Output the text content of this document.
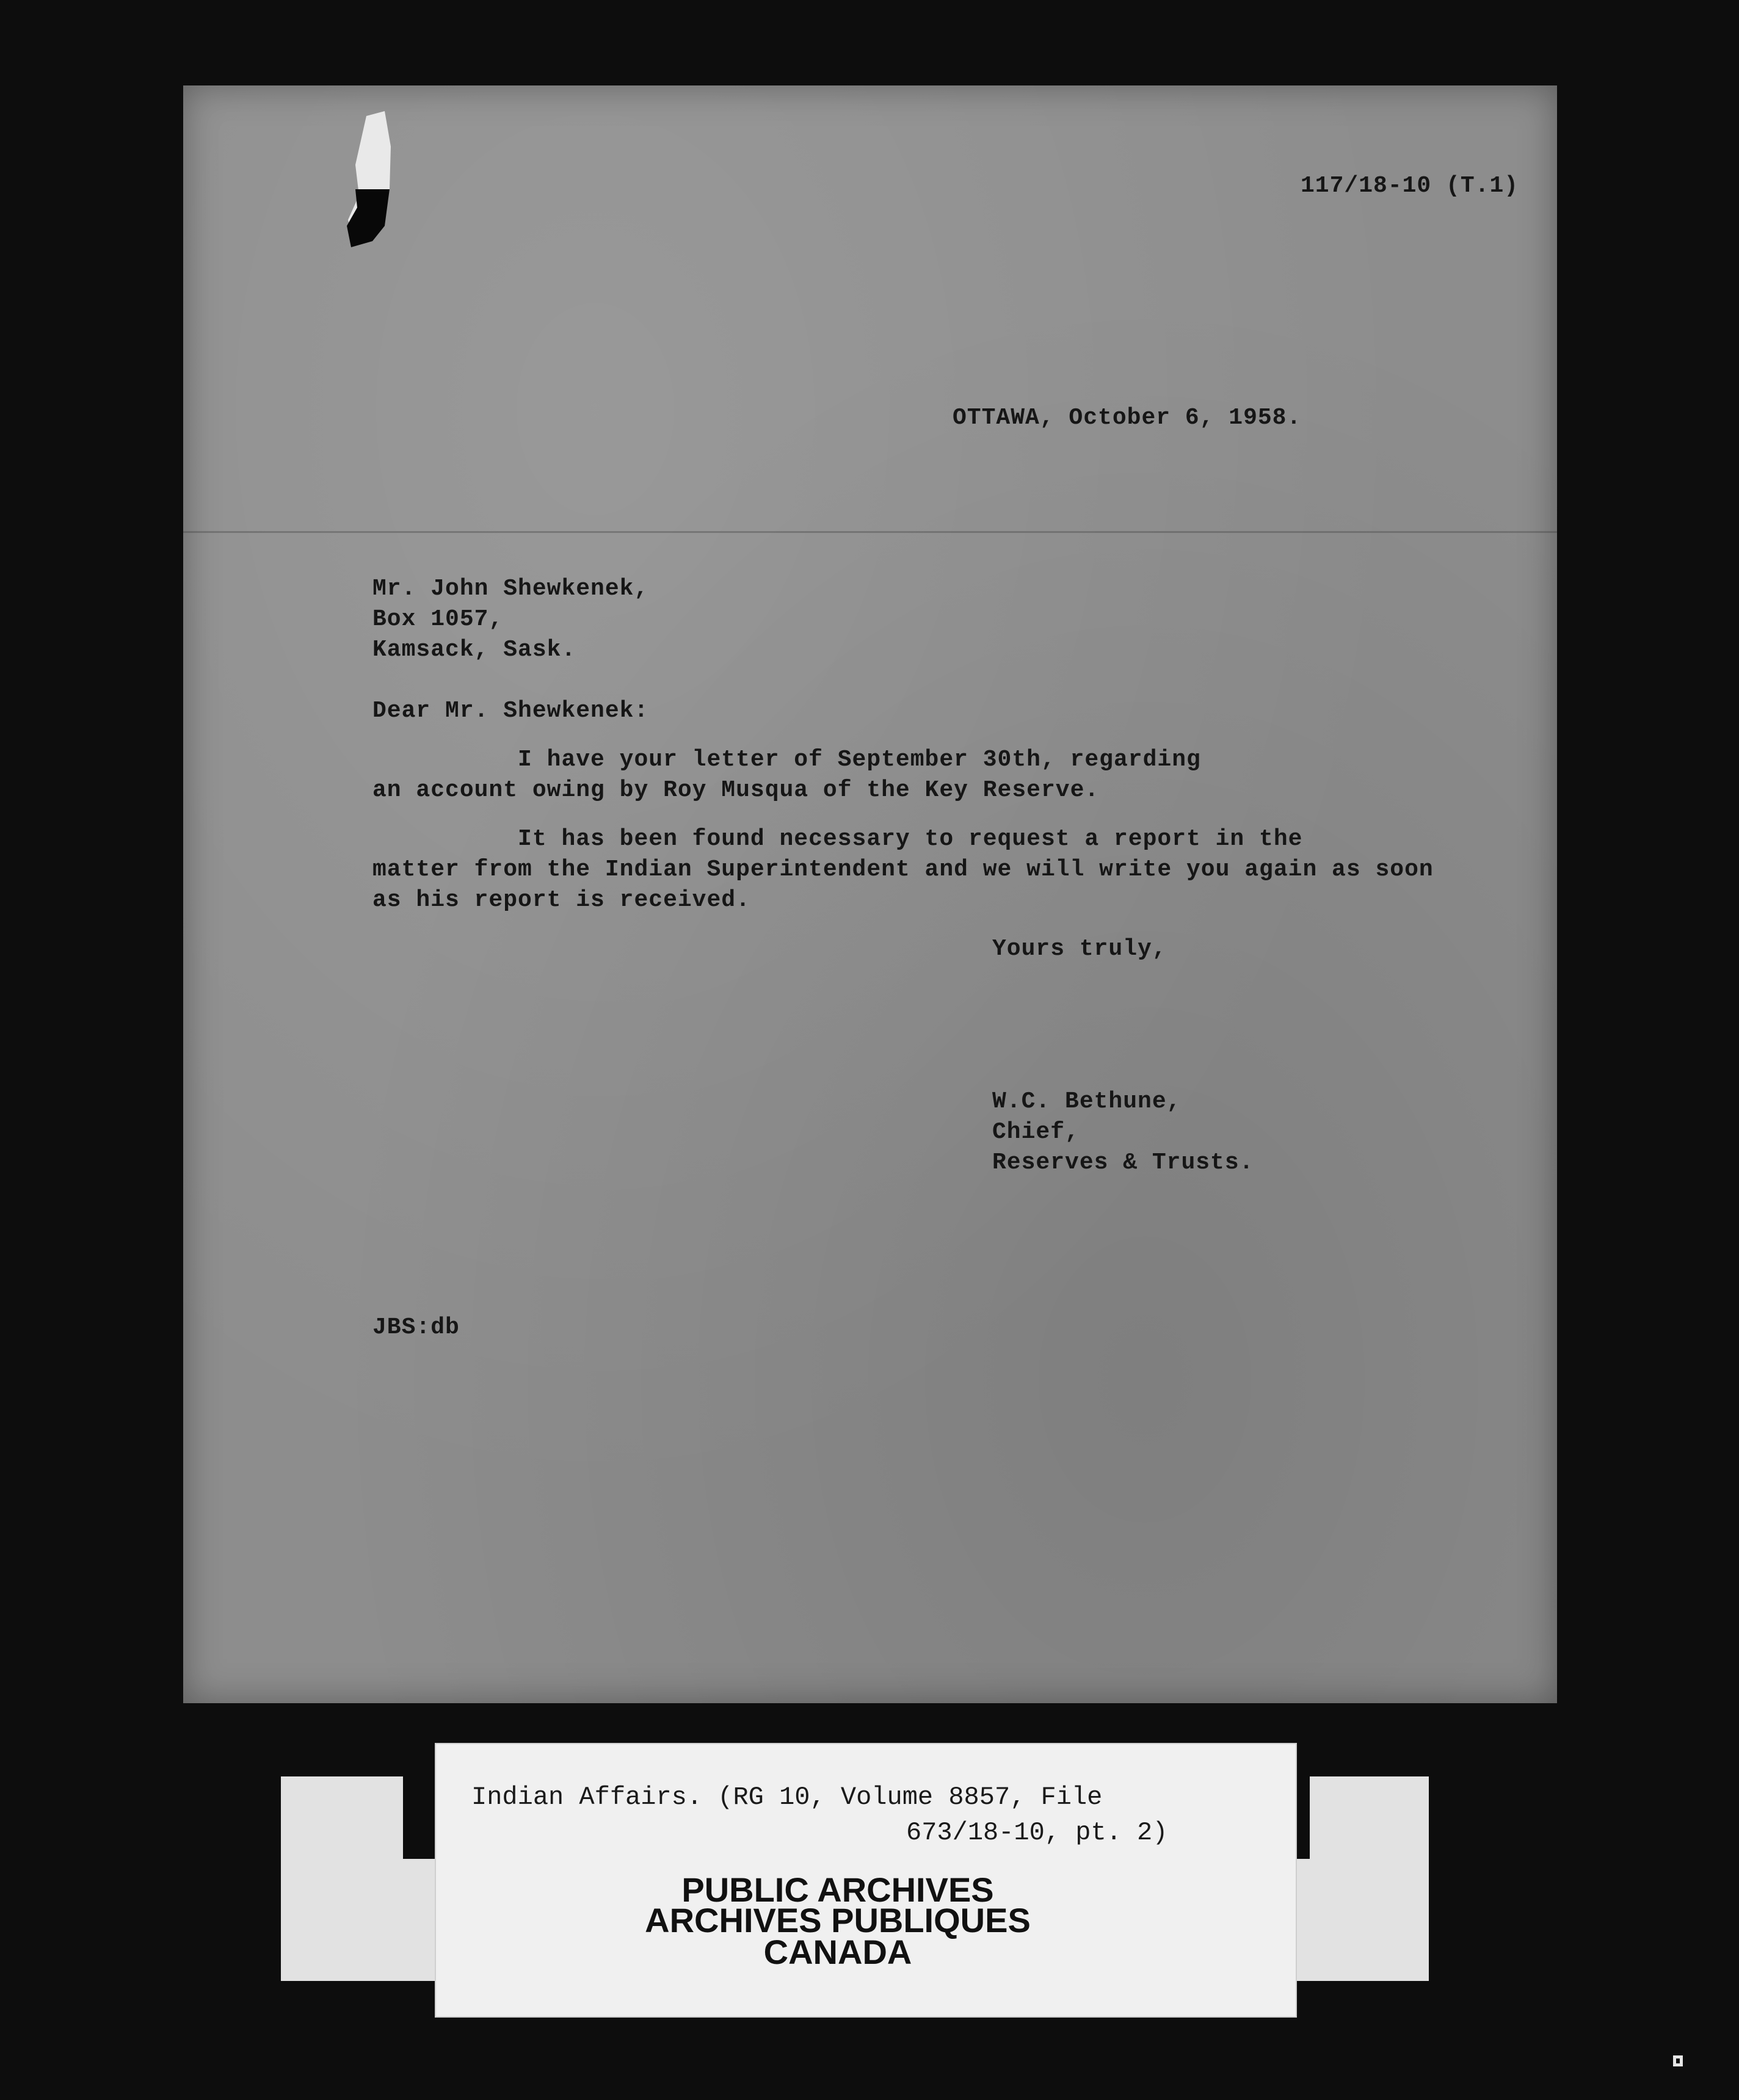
117/18-10 (T.1)
OTTAWA, October 6, 1958.
Mr. John Shewkenek,
Box 1057,
Kamsack, Sask.
Dear Mr. Shewkenek:
I have your letter of September 30th, regarding
an account owing by Roy Musqua of the Key Reserve.
It has been found necessary to request a report in the
matter from the Indian Superintendent and we will write you again as soon
as his report is received.
Yours truly,
W.C. Bethune,
Chief,
Reserves & Trusts.
JBS:db
Indian Affairs. (RG 10, Volume 8857, File
673/18-10, pt. 2)
PUBLIC ARCHIVES
ARCHIVES PUBLIQUES
CANADA
